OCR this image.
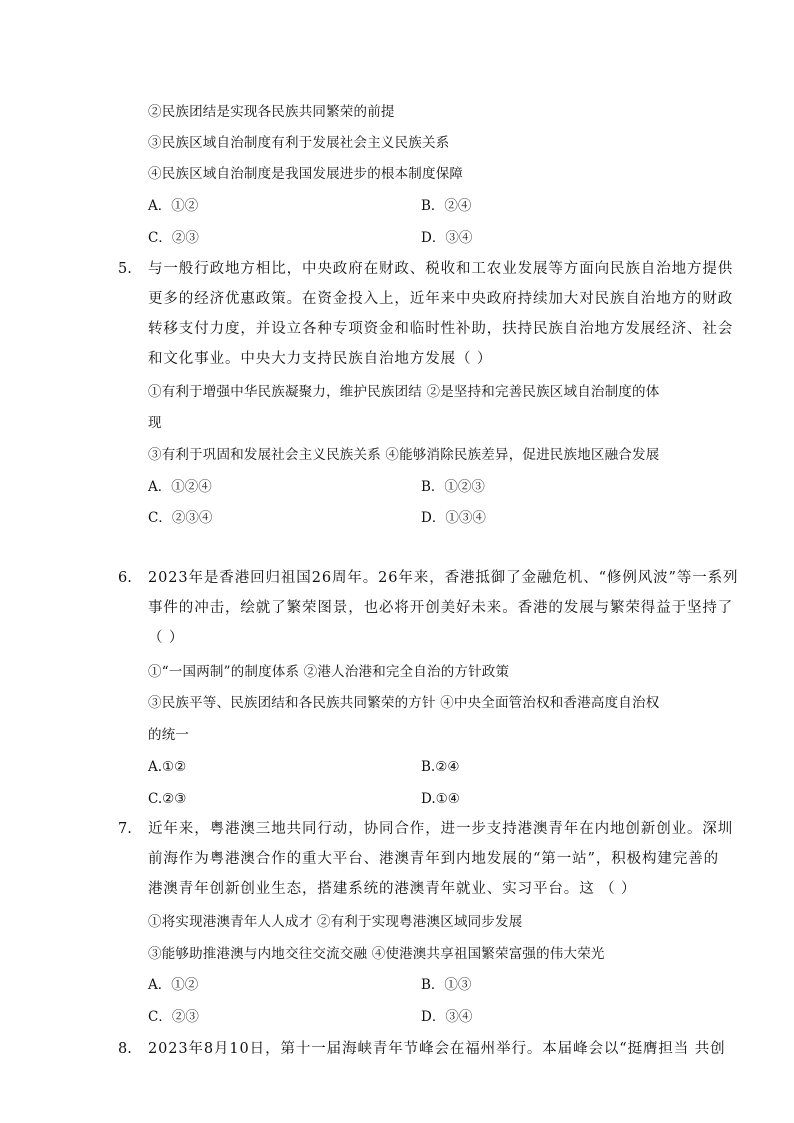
②民族团结是实现各民族共同繁荣的前提
③民族区域自治制度有利于发展社会主义民族关系
④民族区域自治制度是我国发展进步的根本制度保障
A．①②	B．②④
C．②③	D．③④
5. 与一般行政地方相比，中央政府在财政、税收和工农业发展等方面向民族自治地方提供
更多的经济优惠政策。在资金投入上，近年来中央政府持续加大对民族自治地方的财政
转移支付力度，并设立各种专项资金和临时性补助，扶持民族自治地方发展经济、社会
和文化事业。中央大力支持民族自治地方发展（ ）
①有利于增强中华民族凝聚力，维护民族团结 ②是坚持和完善民族区域自治制度的体
现
③有利于巩固和发展社会主义民族关系 ④能够消除民族差异，促进民族地区融合发展
A．①②④	B．①②③
C．②③④	D．①③④
6. 2023年是香港回归祖国26周年。26年来，香港抵御了金融危机、“修例风波”等一系列
事件的冲击，绘就了繁荣图景，也必将开创美好未来。香港的发展与繁荣得益于坚持了
（ ）
①“一国两制”的制度体系 ②港人治港和完全自治的方针政策
③民族平等、民族团结和各民族共同繁荣的方针 ④中央全面管治权和香港高度自治权
的统一
A.①②	B.②④
C.②③	D.①④
7. 近年来，粤港澳三地共同行动，协同合作，进一步支持港澳青年在内地创新创业。深圳
前海作为粤港澳合作的重大平台、港澳青年到内地发展的“第一站”，积极构建完善的
港澳青年创新创业生态，搭建系统的港澳青年就业、实习平台。这 （ ）
①将实现港澳青年人人成才 ②有利于实现粤港澳区域同步发展
③能够助推港澳与内地交往交流交融 ④使港澳共享祖国繁荣富强的伟大荣光
A．①②	B．①③
C．②③	D．③④
8. 2023年8月10日，第十一届海峡青年节峰会在福州举行。本届峰会以“挺膺担当 共创
